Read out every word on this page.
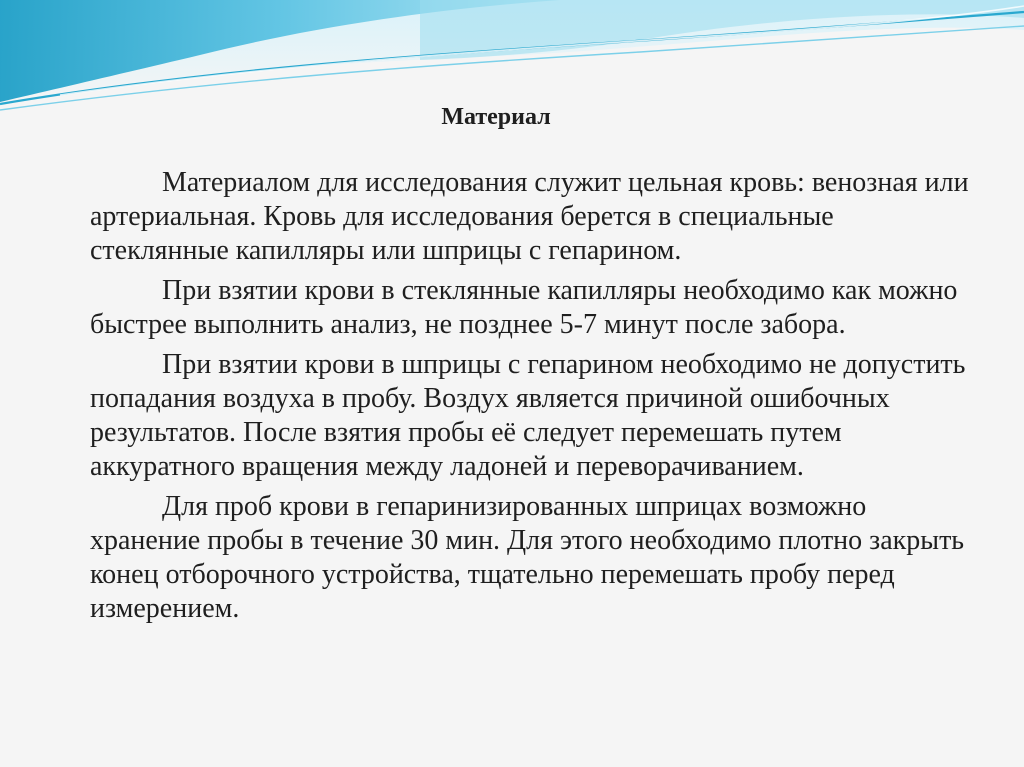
Материал

Материалом для исследования служит цельная кровь: венозная или артериальная. Кровь для исследования берется в специальные стеклянные капилляры или шприцы с гепарином.

При взятии крови в стеклянные капилляры необходимо как можно быстрее выполнить анализ, не позднее 5-7 минут после забора.

При взятии крови в шприцы с гепарином необходимо не допустить попадания воздуха в пробу. Воздух является причиной ошибочных результатов. После взятия пробы её следует перемешать путем аккуратного вращения между ладоней и переворачиванием.

Для проб крови в гепаринизированных шприцах возможно хранение пробы в течение 30 мин. Для этого необходимо плотно закрыть конец отборочного устройства, тщательно перемешать пробу перед измерением.
